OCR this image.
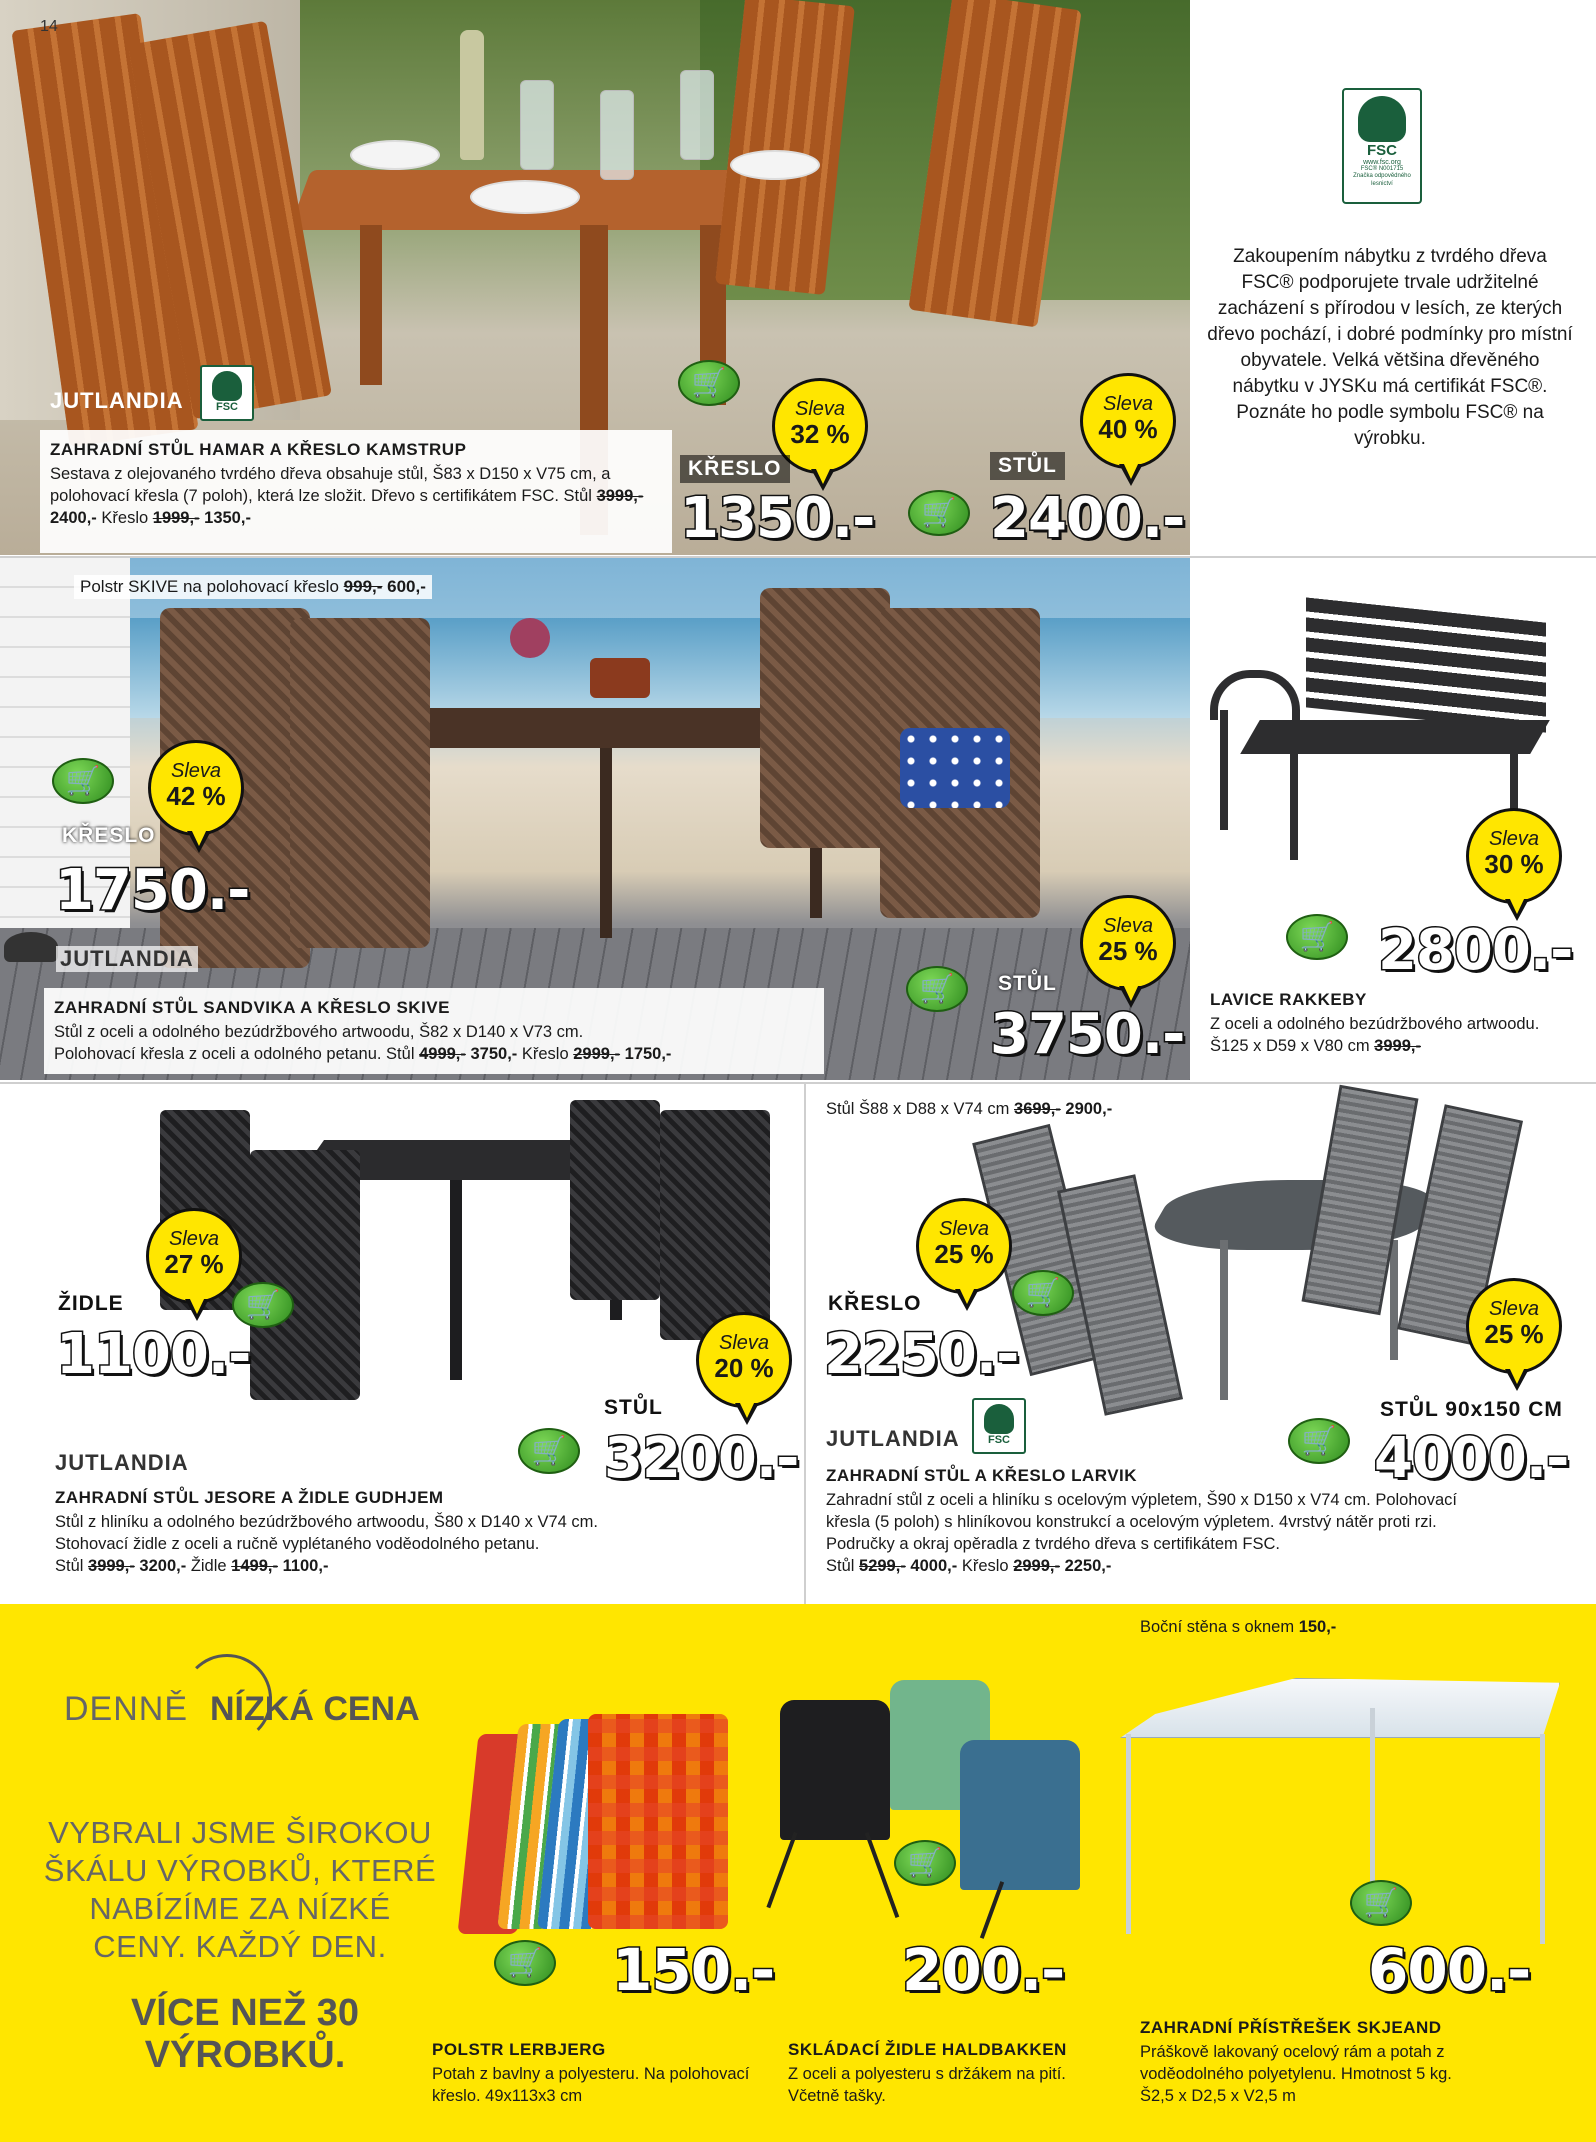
14
FSC
www.fsc.org
FSC® N001715
Značka odpovědného lesnictví
Zakoupením nábytku z tvrdého dřeva FSC® podporujete trvale udržitelné zacházení s přírodou v lesích, ze kterých dřevo pochází, i dobré podmínky pro místní obyvatele. Velká většina dřevěného nábytku v JYSKu má certifikát FSC®. Poznáte ho podle symbolu FSC® na výrobku.
JUTLANDIA	FSC
ZAHRADNÍ STŮL HAMAR A KŘESLO KAMSTRUP
Sestava z olejovaného tvrdého dřeva obsahuje stůl, Š83 x D150 x V75 cm, a polohovací křesla (7 poloh), která lze složit. Dřevo s certifikátem FSC. Stůl 3999,- 2400,- Křeslo 1999,- 1350,-
🛒
Sleva
32 %
KŘESLO
1350.-	🛒
Sleva
40 %
STŮL
2400.-
Polstr SKIVE na polohovací křeslo 999,- 600,-
🛒	Sleva
42 %
KŘESLO
1750.-
JUTLANDIA
ZAHRADNÍ STŮL SANDVIKA A KŘESLO SKIVE
Stůl z oceli a odolného bezúdržbového artwoodu, Š82 x D140 x V73 cm.
Polohovací křesla z oceli a odolného petanu. Stůl 4999,- 3750,- Křeslo 2999,- 1750,-
Sleva
25 %
🛒	STŮL
3750.-
Sleva
30 %
🛒 2800.-
LAVICE RAKKEBY
Z oceli a odolného bezúdržbového artwoodu. Š125 x D59 x V80 cm 3999,-
Sleva
27 %
🛒
ŽIDLE
1100.-	Sleva
20 %
STŮL
🛒 3200.-
JUTLANDIA
ZAHRADNÍ STŮL JESORE A ŽIDLE GUDHJEM
Stůl z hliníku a odolného bezúdržbového artwoodu, Š80 x D140 x V74 cm.
Stohovací židle z oceli a ručně vyplétaného voděodolného petanu.
Stůl 3999,- 3200,- Židle 1499,- 1100,-
Stůl Š88 x D88 x V74 cm 3699,- 2900,-
Sleva
25 %
🛒
KŘESLO
2250.-
Sleva
25 %
STŮL 90x150 CM
🛒 4000.-
JUTLANDIA	FSC
ZAHRADNÍ STŮL A KŘESLO LARVIK
Zahradní stůl z oceli a hliníku s ocelovým výpletem, Š90 x D150 x V74 cm. Polohovací
křesla (5 poloh) s hliníkovou konstrukcí a ocelovým výpletem. 4vrstvý nátěr proti rzi.
Područky a okraj opěradla z tvrdého dřeva s certifikátem FSC.
Stůl 5299,- 4000,- Křeslo 2999,- 2250,-
DENNĚ NÍZKÁ CENA
VYBRALI JSME ŠIROKOU ŠKÁLU VÝROBKŮ, KTERÉ NABÍZÍME ZA NÍZKÉ CENY. KAŽDÝ DEN.
VÍCE NEŽ 30 VÝROBKŮ.
🛒 150.-
POLSTR LERBJERG
Potah z bavlny a polyesteru. Na polohovací křeslo. 49x113x3 cm
🛒
200.-
SKLÁDACÍ ŽIDLE HALDBAKKEN
Z oceli a polyesteru s držákem na pití. Včetně tašky.
Boční stěna s oknem 150,-
🛒
600.-
ZAHRADNÍ PŘÍSTŘEŠEK SKJEAND
Práškově lakovaný ocelový rám a potah z voděodolného polyetylenu. Hmotnost 5 kg. Š2,5 x D2,5 x V2,5 m
